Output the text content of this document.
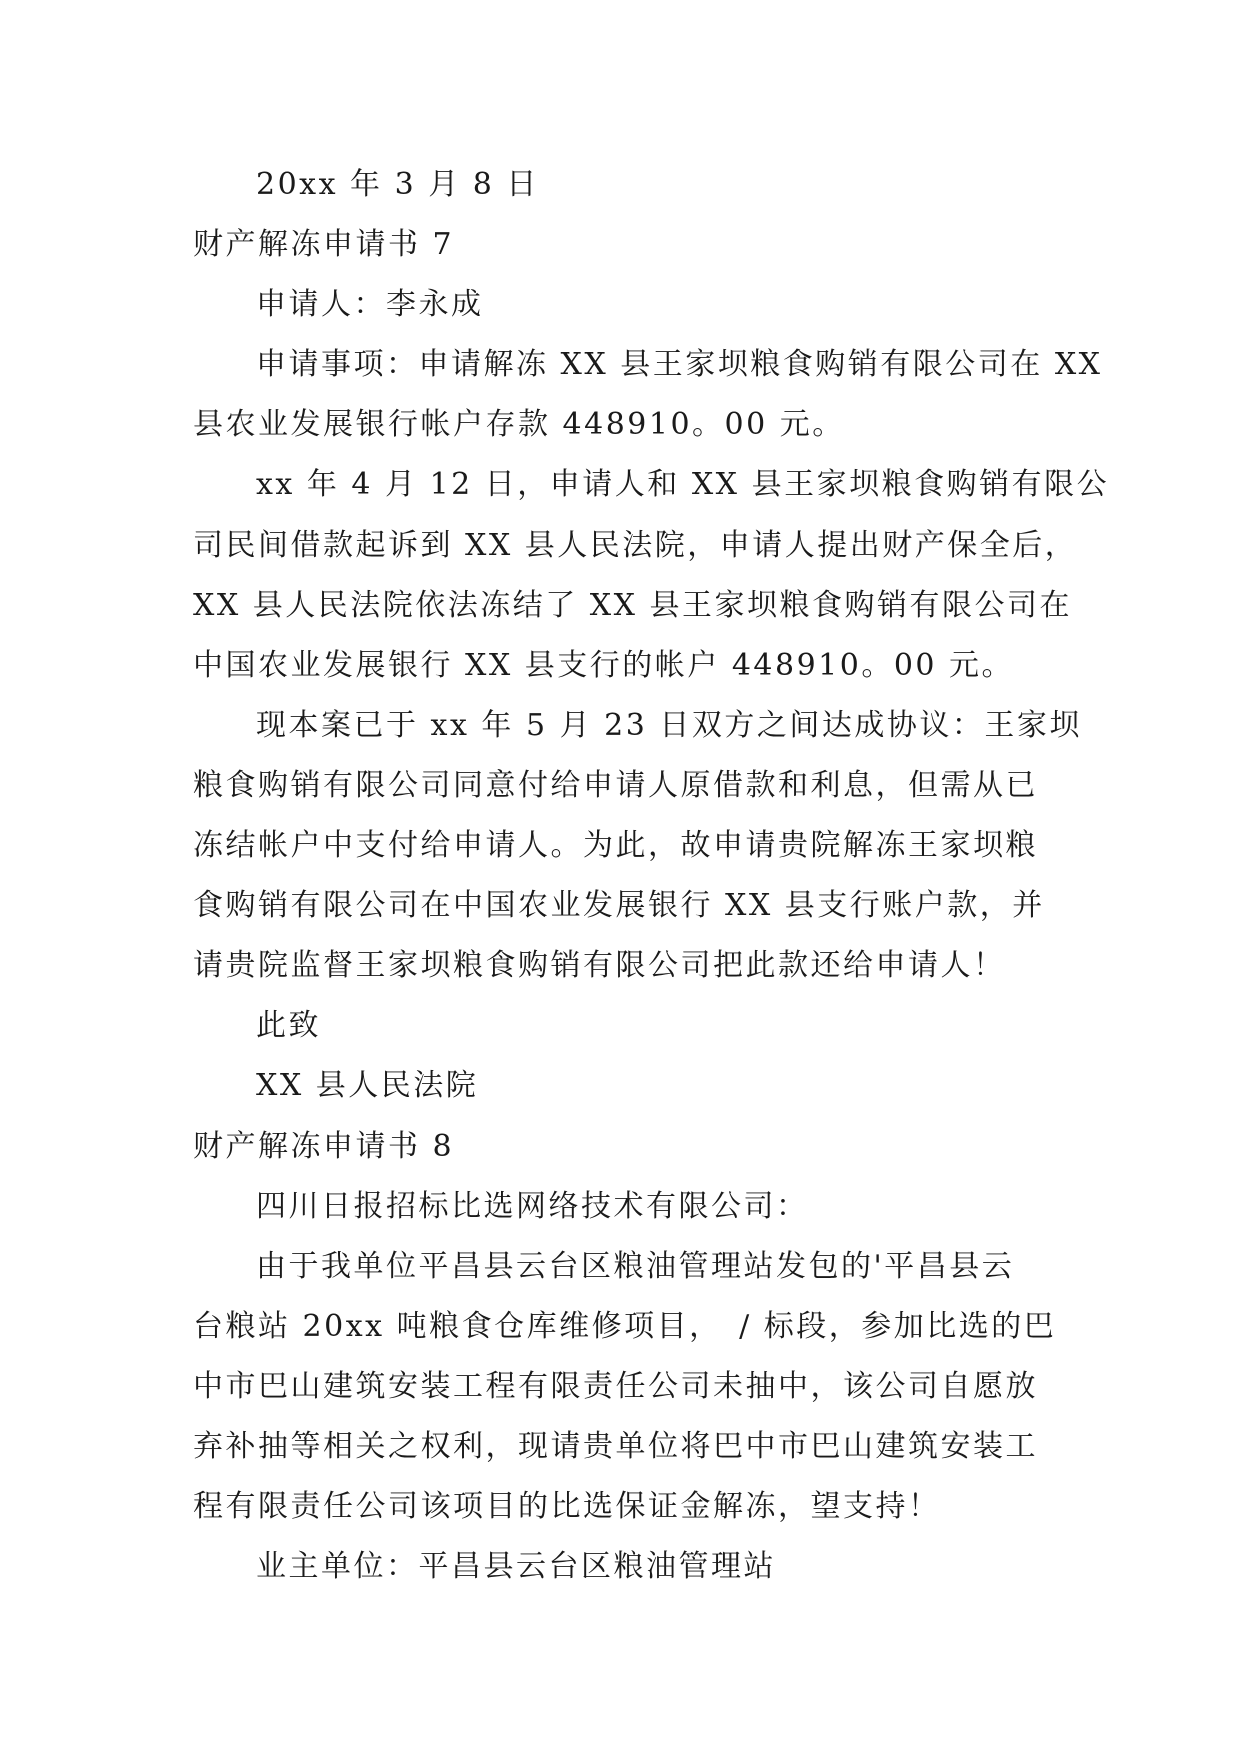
20xx 年 3 月 8 日
财产解冻申请书 7
申请人：李永成
申请事项：申请解冻 XX 县王家坝粮食购销有限公司在 XX
县农业发展银行帐户存款 448910。00 元。
xx 年 4 月 12 日，申请人和 XX 县王家坝粮食购销有限公
司民间借款起诉到 XX 县人民法院，申请人提出财产保全后，
XX 县人民法院依法冻结了 XX 县王家坝粮食购销有限公司在
中国农业发展银行 XX 县支行的帐户 448910。00 元。
现本案已于 xx 年 5 月 23 日双方之间达成协议：王家坝
粮食购销有限公司同意付给申请人原借款和利息，但需从已
冻结帐户中支付给申请人。为此，故申请贵院解冻王家坝粮
食购销有限公司在中国农业发展银行 XX 县支行账户款，并
请贵院监督王家坝粮食购销有限公司把此款还给申请人！
此致
XX 县人民法院
财产解冻申请书 8
四川日报招标比选网络技术有限公司：
由于我单位平昌县云台区粮油管理站发包的'平昌县云
台粮站 20xx 吨粮食仓库维修项目，　/ 标段，参加比选的巴
中市巴山建筑安装工程有限责任公司未抽中，该公司自愿放
弃补抽等相关之权利，现请贵单位将巴中市巴山建筑安装工
程有限责任公司该项目的比选保证金解冻，望支持！
业主单位：平昌县云台区粮油管理站
